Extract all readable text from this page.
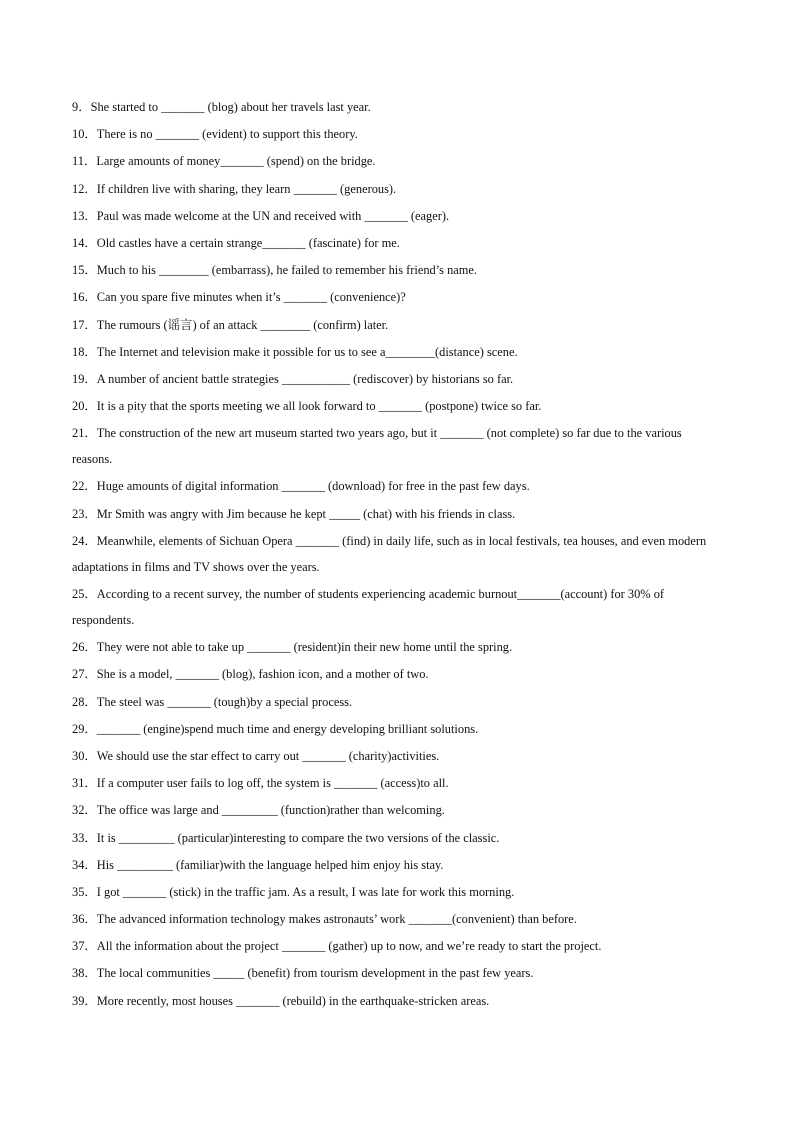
9．She started to _______ (blog) about her travels last year.
10．There is no _______ (evident) to support this theory.
11．Large amounts of money_______ (spend) on the bridge.
12．If children live with sharing, they learn _______ (generous).
13．Paul was made welcome at the UN and received with _______ (eager).
14．Old castles have a certain strange_______ (fascinate) for me.
15．Much to his ________ (embarrass), he failed to remember his friend’s name.
16．Can you spare five minutes when it’s _______ (convenience)?
17．The rumours (谣言) of an attack ________ (confirm) later.
18．The Internet and television make it possible for us to see a________(distance) scene.
19．A number of ancient battle strategies ___________ (rediscover) by historians so far.
20．It is a pity that the sports meeting we all look forward to _______ (postpone) twice so far.
21．The construction of the new art museum started two years ago, but it _______ (not complete) so far due to the various reasons.
22．Huge amounts of digital information _______ (download) for free in the past few days.
23．Mr Smith was angry with Jim because he kept _____ (chat) with his friends in class.
24．Meanwhile, elements of Sichuan Opera _______ (find) in daily life, such as in local festivals, tea houses, and even modern adaptations in films and TV shows over the years.
25．According to a recent survey, the number of students experiencing academic burnout_______(account) for 30% of respondents.
26．They were not able to take up _______ (resident)in their new home until the spring.
27．She is a model, _______ (blog), fashion icon, and a mother of two.
28．The steel was _______ (tough)by a special process.
29．_______ (engine)spend much time and energy developing brilliant solutions.
30．We should use the star effect to carry out _______ (charity)activities.
31．If a computer user fails to log off, the system is _______ (access)to all.
32．The office was large and _________ (function)rather than welcoming.
33．It is _________ (particular)interesting to compare the two versions of the classic.
34．His _________ (familiar)with the language helped him enjoy his stay.
35．I got _______ (stick) in the traffic jam. As a result, I was late for work this morning.
36．The advanced information technology makes astronauts’ work _______(convenient) than before.
37．All the information about the project _______ (gather) up to now, and we’re ready to start the project.
38．The local communities _____ (benefit) from tourism development in the past few years.
39．More recently, most houses _______ (rebuild) in the earthquake-stricken areas.
